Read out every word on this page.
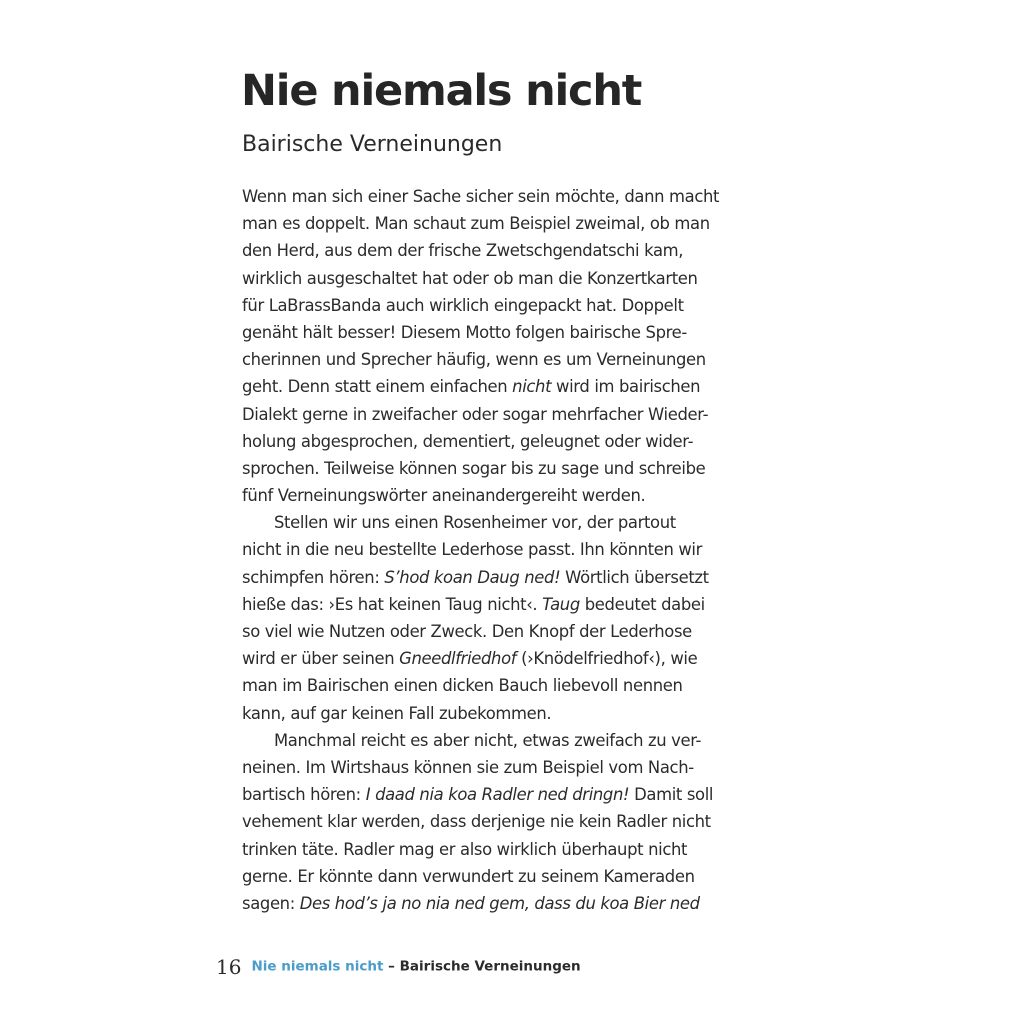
Nie niemals nicht
Bairische Verneinungen
Wenn man sich einer Sache sicher sein möchte, dann macht
man es doppelt. Man schaut zum Beispiel zweimal, ob man
den Herd, aus dem der frische Zwetschgendatschi kam,
wirklich ausgeschaltet hat oder ob man die Konzertkarten
für LaBrassBanda auch wirklich eingepackt hat. Doppelt
genäht hält besser! Diesem Motto folgen bairische Spre-
cherinnen und Sprecher häufig, wenn es um Verneinungen
geht. Denn statt einem einfachen nicht wird im bairischen
Dialekt gerne in zweifacher oder sogar mehrfacher Wieder-
holung abgesprochen, dementiert, geleugnet oder wider-
sprochen. Teilweise können sogar bis zu sage und schreibe
fünf Verneinungswörter aneinandergereiht werden.
Stellen wir uns einen Rosenheimer vor, der partout
nicht in die neu bestellte Lederhose passt. Ihn könnten wir
schimpfen hören: S’hod koan Daug ned! Wörtlich übersetzt
hieße das: ›Es hat keinen Taug nicht‹. Taug bedeutet dabei
so viel wie Nutzen oder Zweck. Den Knopf der Lederhose
wird er über seinen Gneedlfriedhof (›Knödelfriedhof‹), wie
man im Bairischen einen dicken Bauch liebevoll nennen
kann, auf gar keinen Fall zubekommen.
Manchmal reicht es aber nicht, etwas zweifach zu ver-
neinen. Im Wirtshaus können sie zum Beispiel vom Nach-
bartisch hören: I daad nia koa Radler ned dringn! Damit soll
vehement klar werden, dass derjenige nie kein Radler nicht
trinken täte. Radler mag er also wirklich überhaupt nicht
gerne. Er könnte dann verwundert zu seinem Kameraden
sagen: Des hod’s ja no nia ned gem, dass du koa Bier ned
16 Nie niemals nicht – Bairische Verneinungen
